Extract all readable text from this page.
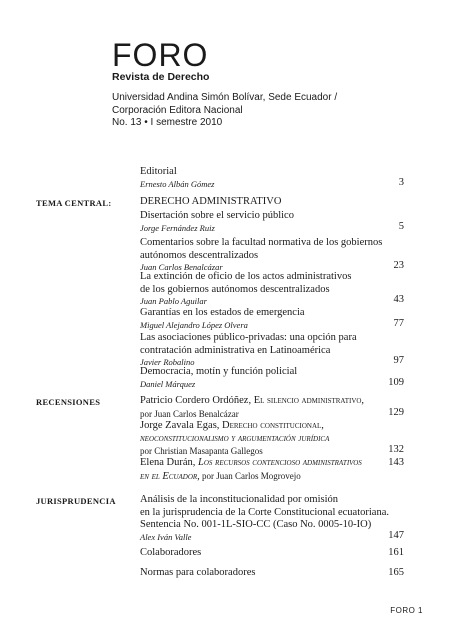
FORO
Revista de Derecho
Universidad Andina Simón Bolívar, Sede Ecuador /
Corporación Editora Nacional
No. 13 • I semestre 2010
Editorial
Ernesto Albán Gómez	3
TEMA CENTRAL:	DERECHO ADMINISTRATIVO
Disertación sobre el servicio público
Jorge Fernández Ruiz	5
Comentarios sobre la facultad normativa de los gobiernos
autónomos descentralizados
Juan Carlos Benalcázar	23
La extinción de oficio de los actos administrativos
de los gobiernos autónomos descentralizados
Juan Pablo Aguilar	43
Garantías en los estados de emergencia
Miguel Alejandro López Olvera	77
Las asociaciones público-privadas: una opción para
contratación administrativa en Latinoamérica
Javier Robalino	97
Democracia, motín y función policial
Daniel Márquez	109
RECENSIONES	Patricio Cordero Ordóñez, El silencio administrativo,
por Juan Carlos Benalcázar	129
Jorge Zavala Egas, Derecho constitucional,
neoconstitucionalismo y argumentación jurídica
por Christian Masapanta Gallegos	132
Elena Durán, Los recursos contencioso administrativos
en el Ecuador, por Juan Carlos Mogrovejo
143
JURISPRUDENCIA Análisis de la inconstitucionalidad por omisión
en la jurisprudencia de la Corte Constitucional ecuatoriana.
Sentencia No. 001-1L-SIO-CC (Caso No. 0005-10-IO)
Alex Iván Valle	147
Colaboradores	161
Normas para colaboradores	165
FORO 1
